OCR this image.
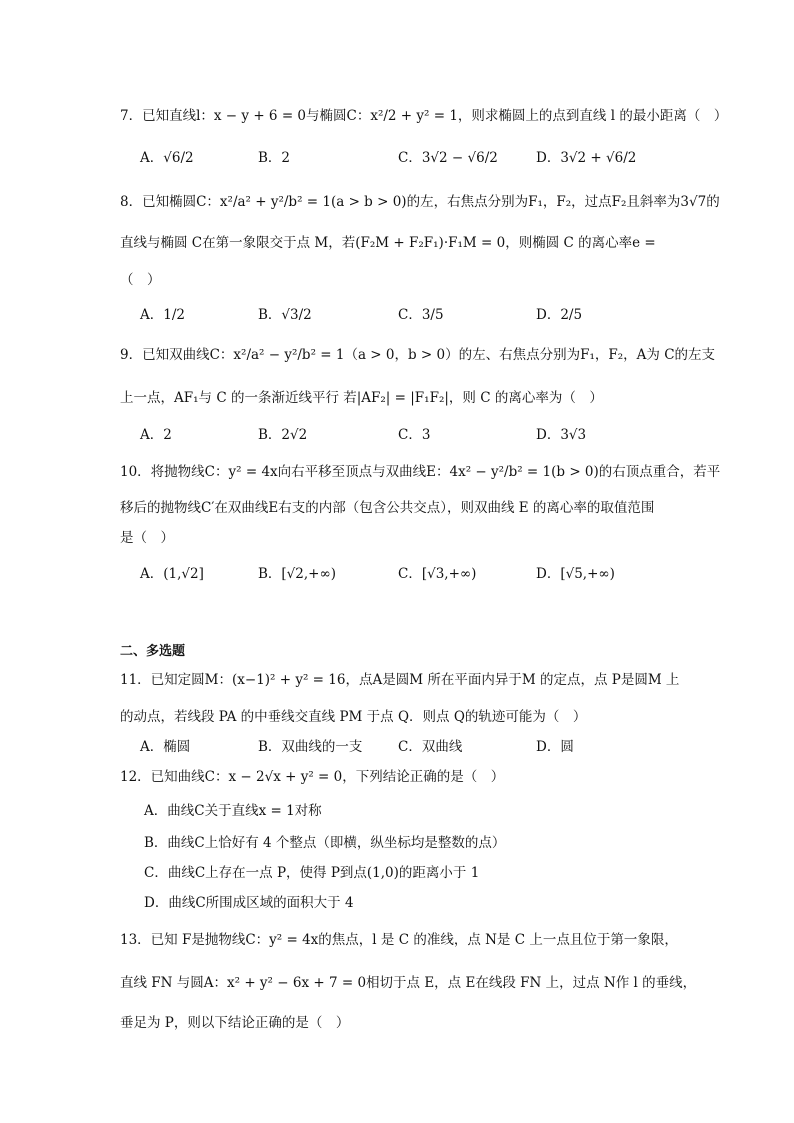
7．已知直线l：x − y + 6 = 0与椭圆C：x²/2 + y² = 1，则求椭圆上的点到直线 l 的最小距离（　）
A．√6/2	B．2	C．3√2 − √6/2	D．3√2 + √6/2
8．已知椭圆C：x²/a² + y²/b² = 1(a > b > 0)的左，右焦点分别为F₁，F₂，过点F₂且斜率为3√7的
直线与椭圆 C在第一象限交于点 M，若(F₂M + F₂F₁)·F₁M = 0，则椭圆 C 的离心率e =
（　）
A．1/2	B．√3/2	C．3/5	D．2/5
9．已知双曲线C：x²/a² − y²/b² = 1（a > 0，b > 0）的左、右焦点分别为F₁，F₂，A为 C的左支
上一点，AF₁与 C 的一条渐近线平行 若|AF₂| = |F₁F₂|，则 C 的离心率为（　）
A．2	B．2√2	C．3	D．3√3
10．将抛物线C：y² = 4x向右平移至顶点与双曲线E：4x² − y²/b² = 1(b > 0)的右顶点重合，若平
移后的抛物线C′在双曲线E右支的内部（包含公共交点），则双曲线 E 的离心率的取值范围
是（　）
A．(1,√2]	B．[√2,+∞)	C．[√3,+∞)	D．[√5,+∞)
二、多选题
11．已知定圆M：(x−1)² + y² = 16，点A是圆M 所在平面内异于M 的定点，点 P是圆M 上
的动点，若线段 PA 的中垂线交直线 PM 于点 Q．则点 Q的轨迹可能为（　）
A．椭圆	B．双曲线的一支	C．双曲线	D．圆
12．已知曲线C：x − 2√x + y² = 0，下列结论正确的是（　）
A．曲线C关于直线x = 1对称
B．曲线C上恰好有 4 个整点（即横，纵坐标均是整数的点）
C．曲线C上存在一点 P，使得 P到点(1,0)的距离小于 1
D．曲线C所围成区域的面积大于 4
13．已知 F是抛物线C：y² = 4x的焦点，l 是 C 的准线，点 N是 C 上一点且位于第一象限，
直线 FN 与圆A：x² + y² − 6x + 7 = 0相切于点 E，点 E在线段 FN 上，过点 N作 l 的垂线，
垂足为 P，则以下结论正确的是（　）
